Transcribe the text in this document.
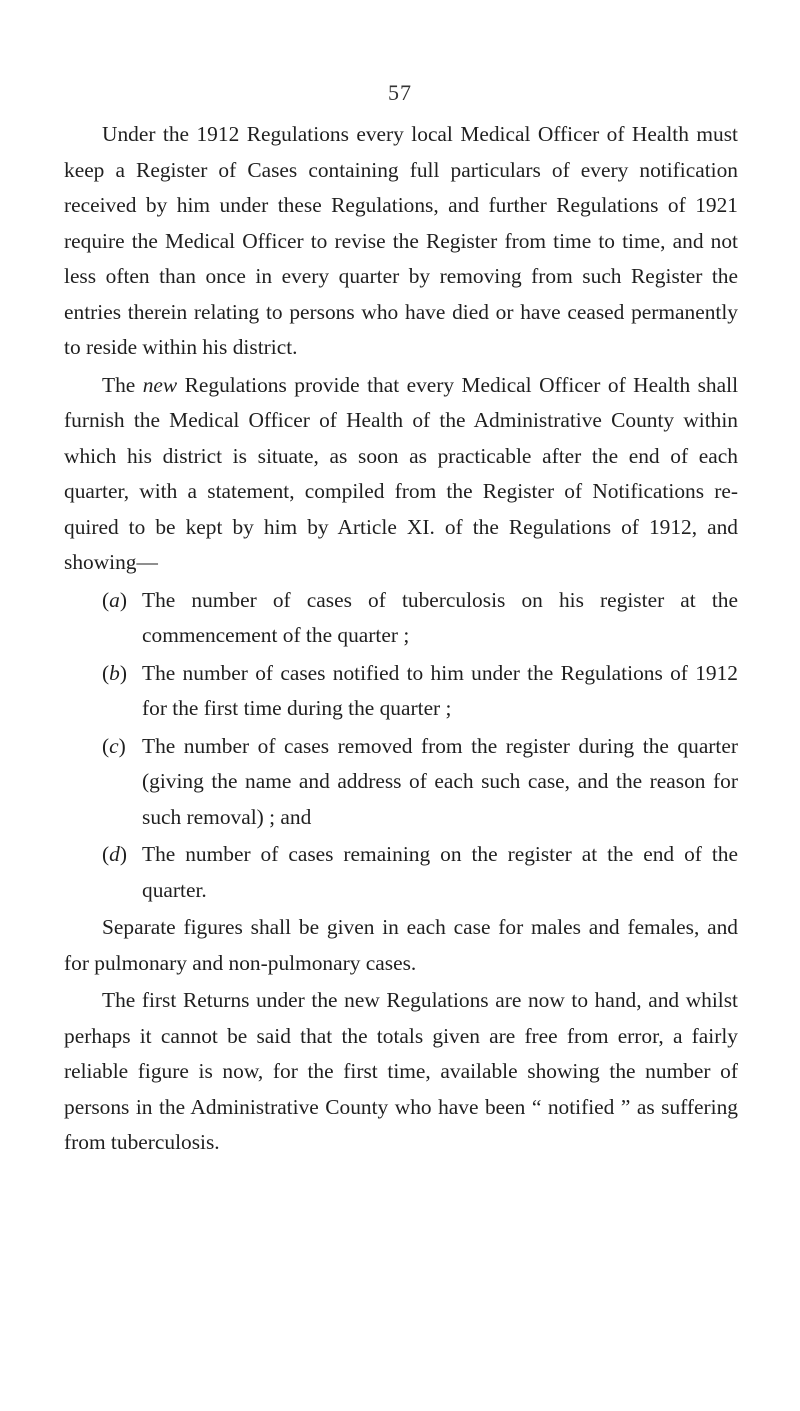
57

Under the 1912 Regulations every local Medical Officer of Health must keep a Register of Cases containing full particulars of every notification received by him under these Regulations, and further Regulations of 1921 require the Medical Officer to revise the Register from time to time, and not less often than once in every quarter by removing from such Register the entries therein relating to persons who have died or have ceased permanently to reside within his district.

The new Regulations provide that every Medical Officer of Health shall furnish the Medical Officer of Health of the Administrative County within which his district is situate, as soon as practicable after the end of each quarter, with a statement, compiled from the Register of Notifications re- quired to be kept by him by Article XI. of the Regulations of 1912, and showing—

(a) The number of cases of tuberculosis on his register at the commencement of the quarter ;
(b) The number of cases notified to him under the Regulations of 1912 for the first time during the quarter ;
(c) The number of cases removed from the register during the quarter (giving the name and address of each such case, and the reason for such removal) ; and
(d) The number of cases remaining on the register at the end of the quarter.

Separate figures shall be given in each case for males and females, and for pulmonary and non-pulmonary cases.

The first Returns under the new Regulations are now to hand, and whilst perhaps it cannot be said that the totals given are free from error, a fairly reliable figure is now, for the first time, available showing the number of persons in the Administrative County who have been “ notified ” as suffering from tuberculosis.
